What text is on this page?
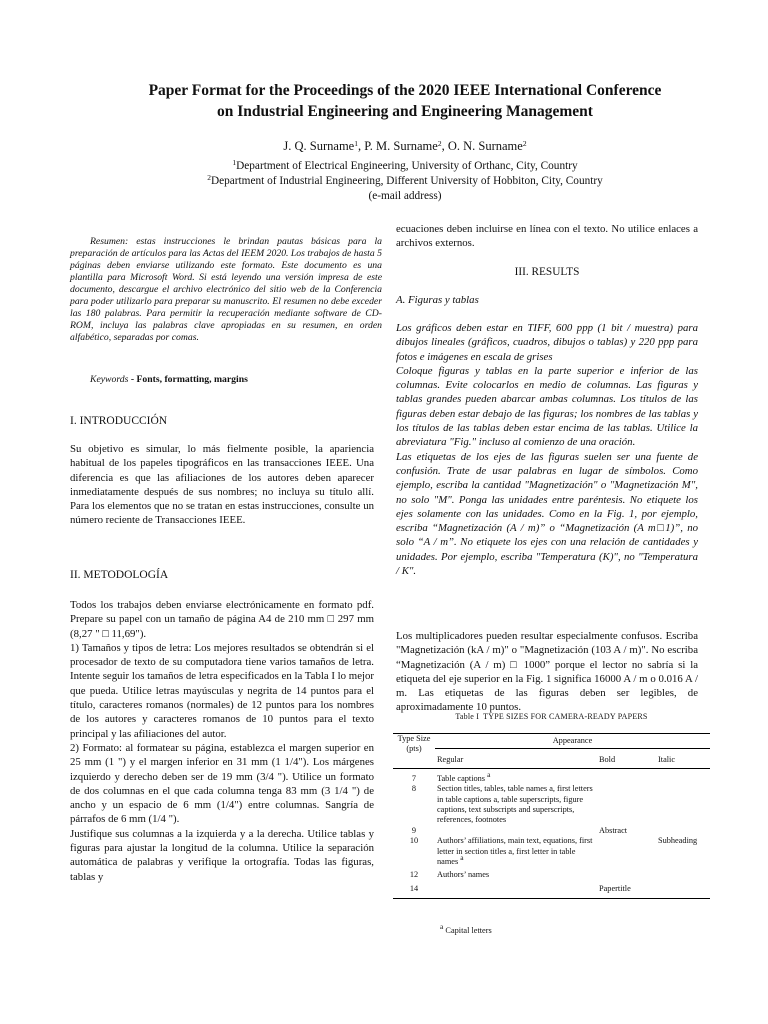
Paper Format for the Proceedings of the 2020 IEEE International Conference
on Industrial Engineering and Engineering Management
J. Q. Surname$^1$, P. M. Surname$^2$, O. N. Surname$^2$
$^1$Department of Electrical Engineering, University of Orthanc, City, Country
$^2$Department of Industrial Engineering, Different University of Hobbiton, City, Country
(e-mail address)
Resumen: estas instrucciones le brindan pautas básicas para la preparación de artículos para las Actas del IEEM 2020. Los trabajos de hasta 5 páginas deben enviarse utilizando este formato. Este documento es una plantilla para Microsoft Word. Si está leyendo una versión impresa de este documento, descargue el archivo electrónico del sitio web de la Conferencia para poder utilizarlo para preparar su manuscrito. El resumen no debe exceder las 180 palabras. Para permitir la recuperación mediante software de CD-ROM, incluya las palabras clave apropiadas en su resumen, en orden alfabético, separadas por comas.
Keywords - Fonts, formatting, margins
I. INTRODUCCIÓN
Su objetivo es simular, lo más fielmente posible, la apariencia habitual de los papeles tipográficos en las transacciones IEEE. Una diferencia es que las afiliaciones de los autores deben aparecer inmediatamente después de sus nombres; no incluya su título allí. Para los elementos que no se tratan en estas instrucciones, consulte un número reciente de Transacciones IEEE.
II. METODOLOGÍA

Todos los trabajos deben enviarse electrónicamente en formato pdf. Prepare su papel con un tamaño de página A4 de 210 mm □ 297 mm (8,27 " □ 11,69").

1) Tamaños y tipos de letra: Los mejores resultados se obtendrán si el procesador de texto de su computadora tiene varios tamaños de letra. Intente seguir los tamaños de letra especificados en la Tabla I lo mejor que pueda. Utilice letras mayúsculas y negrita de 14 puntos para el título, caracteres romanos (normales) de 12 puntos para los nombres de los autores y caracteres romanos de 10 puntos para el texto principal y las afiliaciones del autor.

2) Formato: al formatear su página, establezca el margen superior en 25 mm (1 ") y el margen inferior en 31 mm (1 1/4"). Los márgenes izquierdo y derecho deben ser de 19 mm (3/4 "). Utilice un formato de dos columnas en el que cada columna tenga 83 mm (3 1/4 ") de ancho y un espacio de 6 mm (1/4") entre columnas. Sangría de párrafos de 6 mm (1/4 ").

Justifique sus columnas a la izquierda y a la derecha. Utilice tablas y figuras para ajustar la longitud de la columna. Utilice la separación automática de palabras y verifique la ortografía. Todas las figuras, tablas y

ecuaciones deben incluirse en línea con el texto. No utilice enlaces a archivos externos.
III. RESULTS
A. Figuras y tablas

Los gráficos deben estar en TIFF, 600 ppp (1 bit / muestra) para dibujos lineales (gráficos, cuadros, dibujos o tablas) y 220 ppp para fotos e imágenes en escala de grises

Coloque figuras y tablas en la parte superior e inferior de las columnas. Evite colocarlos en medio de columnas. Las figuras y tablas grandes pueden abarcar ambas columnas. Los títulos de las figuras deben estar debajo de las figuras; los nombres de las tablas y los títulos de las tablas deben estar encima de las tablas. Utilice la abreviatura "Fig." incluso al comienzo de una oración.

Las etiquetas de los ejes de las figuras suelen ser una fuente de confusión. Trate de usar palabras en lugar de símbolos. Como ejemplo, escriba la cantidad "Magnetización" o "Magnetización M", no solo "M". Ponga las unidades entre paréntesis. No etiquete los ejes solamente con las unidades. Como en la Fig. 1, por ejemplo, escriba “Magnetización (A / m)” o “Magnetización (A m□1)”, no solo “A / m”. No etiquete los ejes con una relación de cantidades y unidades. Por ejemplo, escriba "Temperatura (K)", no "Temperatura / K".

Los multiplicadores pueden resultar especialmente confusos. Escriba "Magnetización (kA / m)" o "Magnetización (103 A / m)". No escriba “Magnetización (A / m) □ 1000” porque el lector no sabría si la etiqueta del eje superior en la Fig. 1 significa 16000 A / m o 0.016 A / m. Las etiquetas de las figuras deben ser legibles, de aproximadamente 10 puntos.
Table I TYPE SIZES FOR CAMERA-READY PAPERS
Type Size (pts)	Appearance		
	Regular	Bold	Italic
7	Table captions $^a$		
8	Section titles, tables, table names a, first letters in table captions a, table superscripts, figure captions, text subscripts and superscripts, references, footnotes		
9		Abstract	
10	Authors’ affiliations, main text, equations, first letter in section titles a, first letter in table names $^a$		Subheading
12	Authors’ names		
14		Papertitle	
$^a$ Capital letters
